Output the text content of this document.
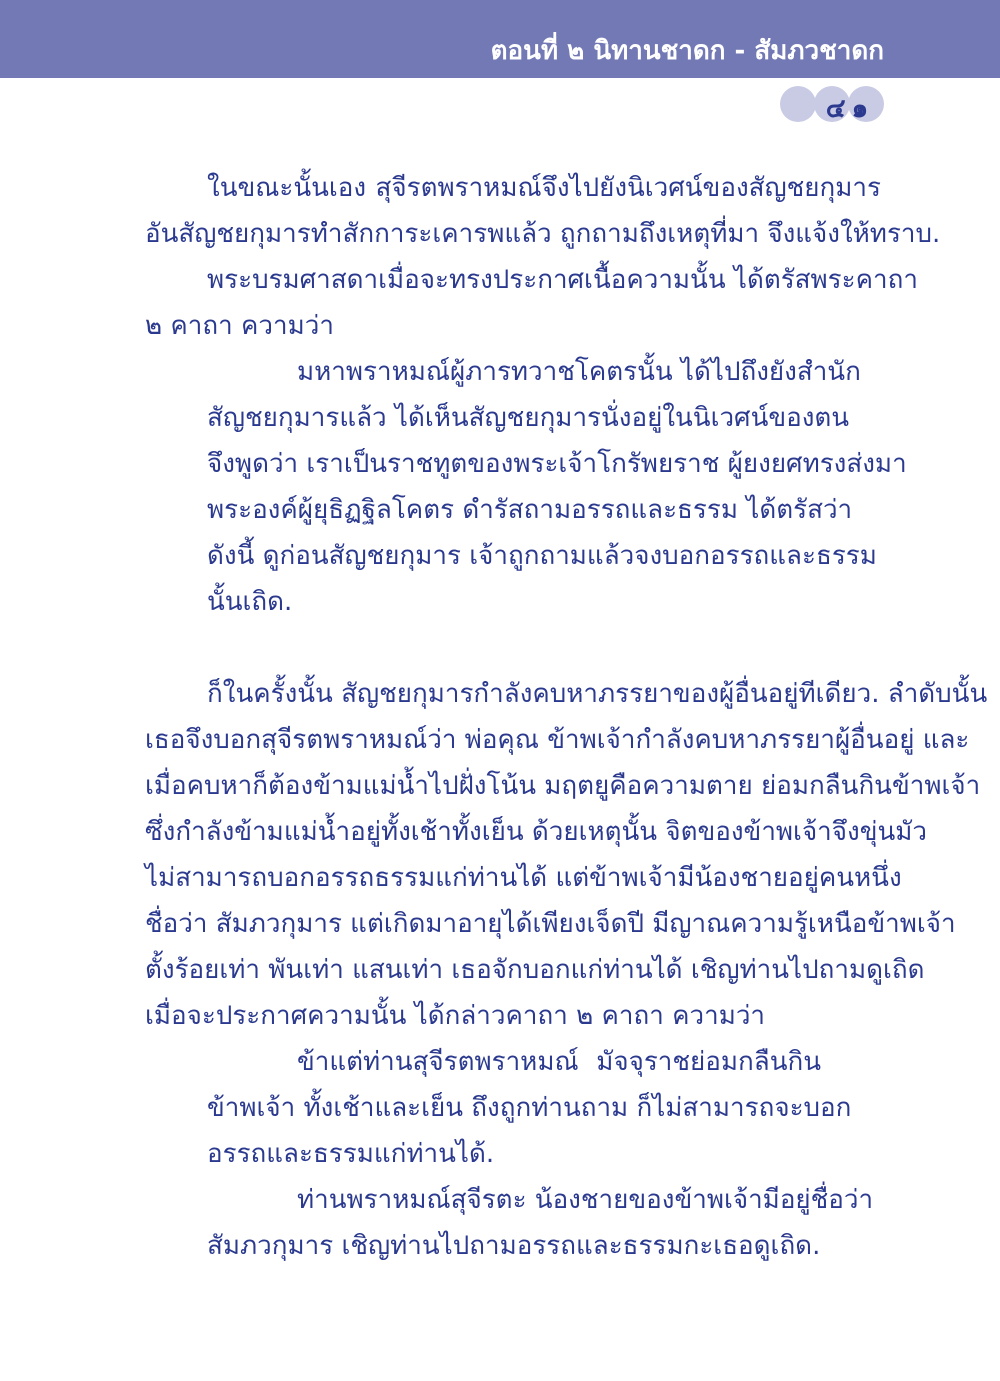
ตอนที่ ๒ นิทานชาดก - สัมภวชาดก
๔๑
ในขณะนั้นเอง สุจีรตพราหมณ์จึงไปยังนิเวศน์ของสัญชยกุมาร
อันสัญชยกุมารทำสักการะเคารพแล้ว ถูกถามถึงเหตุที่มา จึงแจ้งให้ทราบ.
พระบรมศาสดาเมื่อจะทรงประกาศเนื้อความนั้น ได้ตรัสพระคาถา
๒ คาถา ความว่า
มหาพราหมณ์ผู้ภารทวาชโคตรนั้น ได้ไปถึงยังสำนัก
สัญชยกุมารแล้ว ได้เห็นสัญชยกุมารนั่งอยู่ในนิเวศน์ของตน
จึงพูดว่า เราเป็นราชทูตของพระเจ้าโกรัพยราช ผู้ยงยศทรงส่งมา
พระองค์ผู้ยุธิฏฐิลโคตร ดำรัสถามอรรถและธรรม ได้ตรัสว่า
ดังนี้ ดูก่อนสัญชยกุมาร เจ้าถูกถามแล้วจงบอกอรรถและธรรม
นั้นเถิด.
ก็ในครั้งนั้น สัญชยกุมารกำลังคบหาภรรยาของผู้อื่นอยู่ทีเดียว. ลำดับนั้น
เธอจึงบอกสุจีรตพราหมณ์ว่า พ่อคุณ ข้าพเจ้ากำลังคบหาภรรยาผู้อื่นอยู่ และ
เมื่อคบหาก็ต้องข้ามแม่น้ำไปฝั่งโน้น มฤตยูคือความตาย ย่อมกลืนกินข้าพเจ้า
ซึ่งกำลังข้ามแม่น้ำอยู่ทั้งเช้าทั้งเย็น ด้วยเหตุนั้น จิตของข้าพเจ้าจึงขุ่นมัว
ไม่สามารถบอกอรรถธรรมแก่ท่านได้ แต่ข้าพเจ้ามีน้องชายอยู่คนหนึ่ง
ชื่อว่า สัมภวกุมาร แต่เกิดมาอายุได้เพียงเจ็ดปี มีญาณความรู้เหนือข้าพเจ้า
ตั้งร้อยเท่า พันเท่า แสนเท่า เธอจักบอกแก่ท่านได้ เชิญท่านไปถามดูเถิด
เมื่อจะประกาศความนั้น ได้กล่าวคาถา ๒ คาถา ความว่า
ข้าแต่ท่านสุจีรตพราหมณ์ มัจจุราชย่อมกลืนกิน
ข้าพเจ้า ทั้งเช้าและเย็น ถึงถูกท่านถาม ก็ไม่สามารถจะบอก
อรรถและธรรมแก่ท่านได้.
ท่านพราหมณ์สุจีรตะ น้องชายของข้าพเจ้ามีอยู่ชื่อว่า
สัมภวกุมาร เชิญท่านไปถามอรรถและธรรมกะเธอดูเถิด.
